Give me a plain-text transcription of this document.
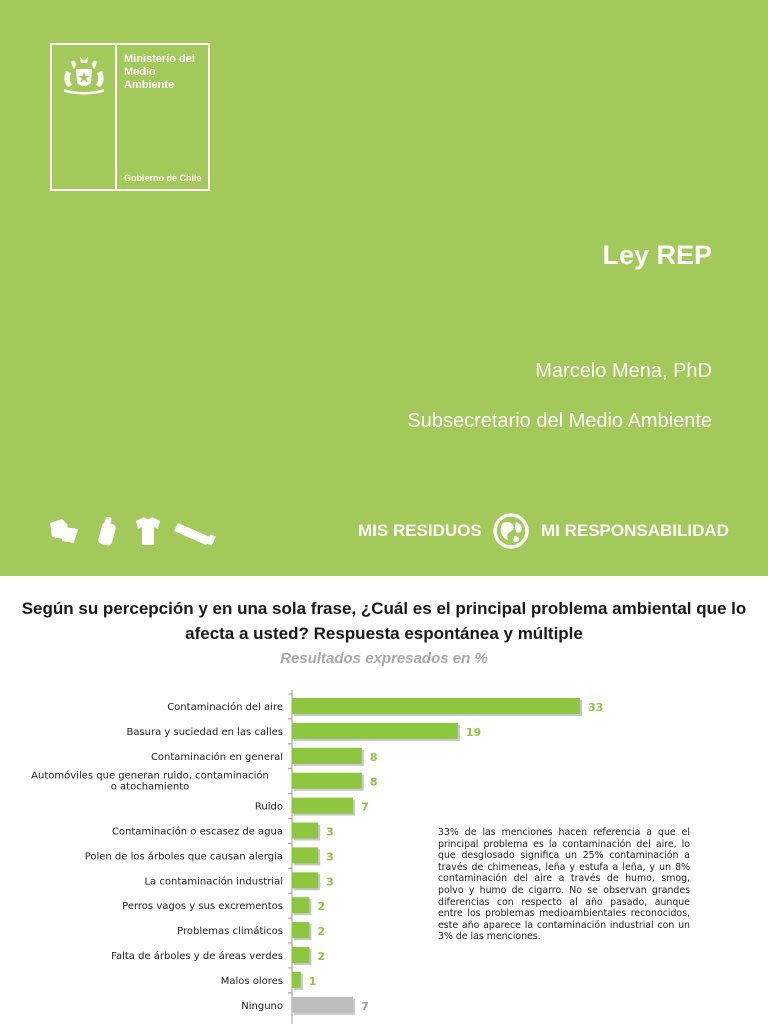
Ministerio del
Medio
Ambiente
Gobierno de Chile
Ley REP
Marcelo Mena, PhD
Subsecretario del Medio Ambiente
MIS RESIDUOS	MI RESPONSABILIDAD
Según su percepción y en una sola frase, ¿Cuál es el principal problema ambiental que lo afecta a usted? Respuesta espontánea y múltiple
Resultados expresados en %
Contaminación del aire	33
Basura y suciedad en las calles	19
Contaminación en general	8
Automóviles que generan ruido, contaminación o atochamiento	8
Ruido	7
Contaminación o escasez de agua	3
Polen de los árboles que causan alergia	3
La contaminación industrial	3
Perros vagos y sus excrementos	2
Problemas climáticos	2
Falta de árboles y de áreas verdes	2
Malos olores 1
Ninguno	7
33% de las menciones hacen referencia a que el principal problema es la contaminación del aire, lo que desglosado significa un 25% contaminación a través de chimeneas, leña y estufa a leña, y un 8% contaminación del aire a través de humo, smog, polvo y humo de cigarro. No se observan grandes diferencias con respecto al año pasado, aunque entre los problemas medioambientales reconocidos, este año aparece la contaminación industrial con un 3% de las menciones.
